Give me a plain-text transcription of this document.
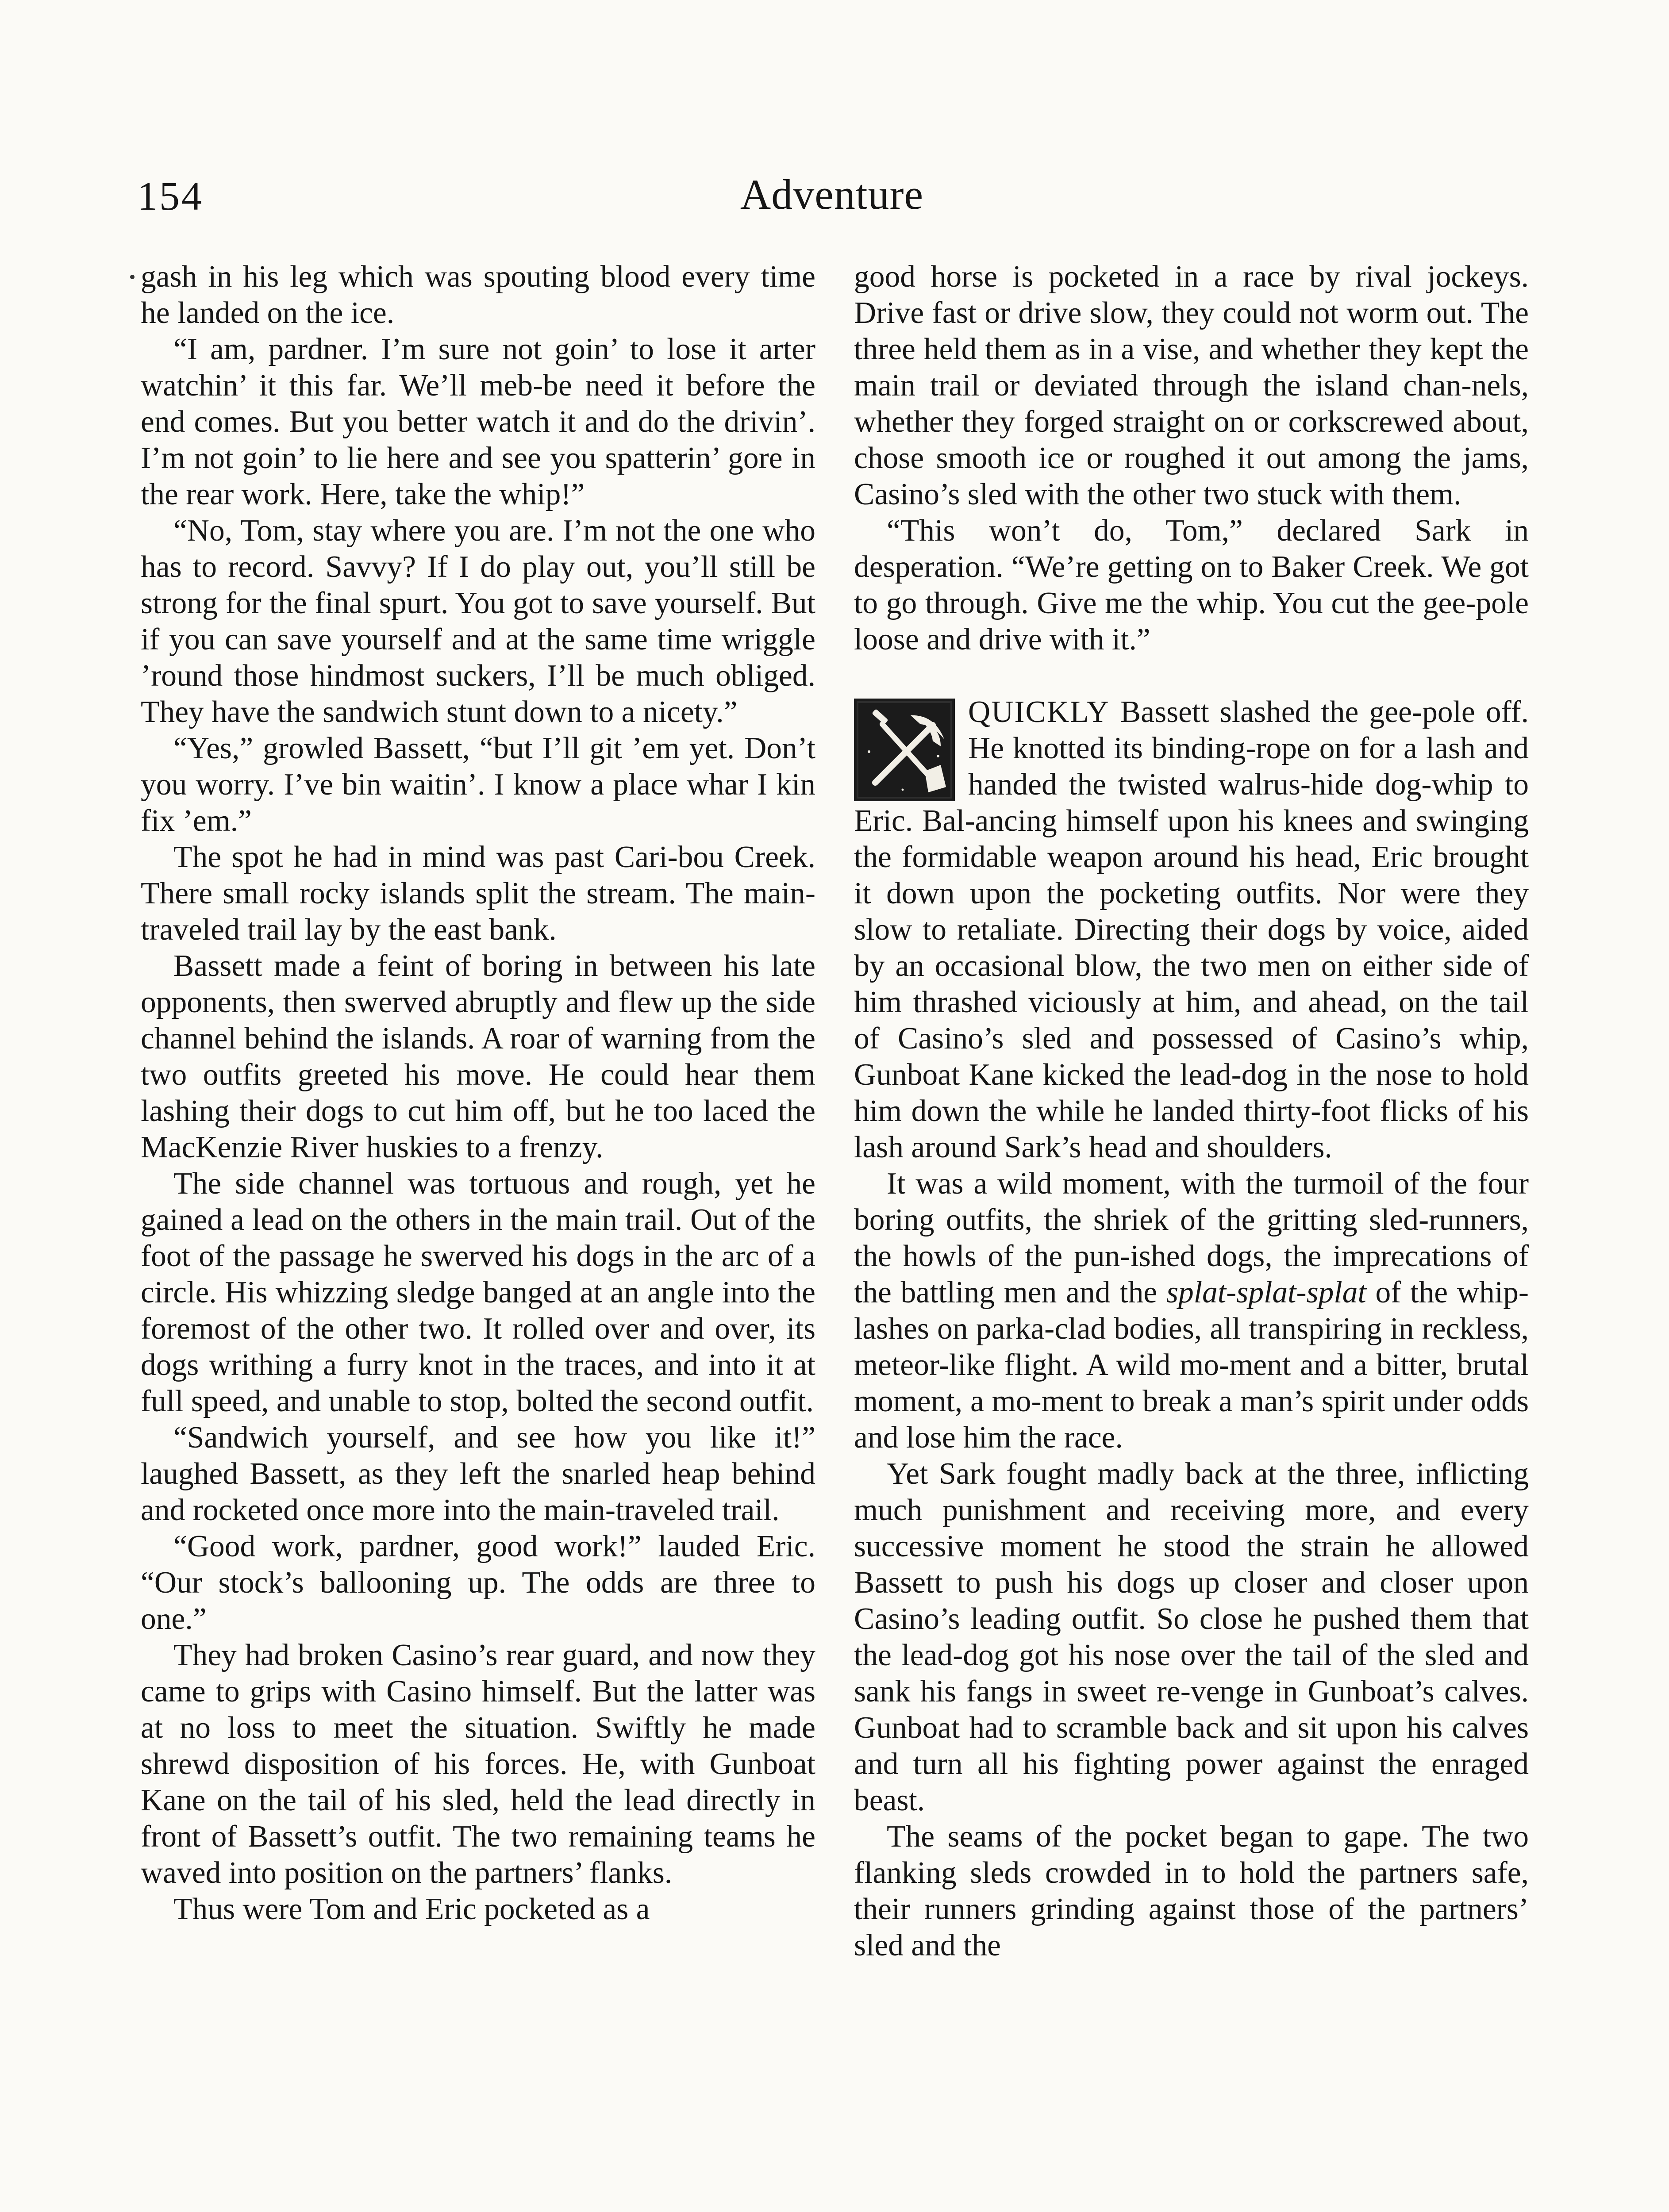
154	Adventure

gash in his leg which was spouting blood every time he landed on the ice.

“I am, pardner. I’m sure not goin’ to lose it arter watchin’ it this far. We’ll meb-be need it before the end comes. But you better watch it and do the drivin’. I’m not goin’ to lie here and see you spatterin’ gore in the rear work. Here, take the whip!”

“No, Tom, stay where you are. I’m not the one who has to record. Savvy? If I do play out, you’ll still be strong for the final spurt. You got to save yourself. But if you can save yourself and at the same time wriggle ’round those hindmost suckers, I’ll be much obliged. They have the sandwich stunt down to a nicety.”

“Yes,” growled Bassett, “but I’ll git ’em yet. Don’t you worry. I’ve bin waitin’. I know a place whar I kin fix ’em.”

The spot he had in mind was past Cari-bou Creek. There small rocky islands split the stream. The main-traveled trail lay by the east bank.

Bassett made a feint of boring in between his late opponents, then swerved abruptly and flew up the side channel behind the islands. A roar of warning from the two outfits greeted his move. He could hear them lashing their dogs to cut him off, but he too laced the MacKenzie River huskies to a frenzy.

The side channel was tortuous and rough, yet he gained a lead on the others in the main trail. Out of the foot of the passage he swerved his dogs in the arc of a circle. His whizzing sledge banged at an angle into the foremost of the other two. It rolled over and over, its dogs writhing a furry knot in the traces, and into it at full speed, and unable to stop, bolted the second outfit.

“Sandwich yourself, and see how you like it!” laughed Bassett, as they left the snarled heap behind and rocketed once more into the main-traveled trail.

“Good work, pardner, good work!” lauded Eric. “Our stock’s ballooning up. The odds are three to one.”

They had broken Casino’s rear guard, and now they came to grips with Casino himself. But the latter was at no loss to meet the situation. Swiftly he made shrewd disposition of his forces. He, with Gunboat Kane on the tail of his sled, held the lead directly in front of Bassett’s outfit. The two remaining teams he waved into position on the partners’ flanks.

Thus were Tom and Eric pocketed as a

good horse is pocketed in a race by rival jockeys. Drive fast or drive slow, they could not worm out. The three held them as in a vise, and whether they kept the main trail or deviated through the island chan-nels, whether they forged straight on or corkscrewed about, chose smooth ice or roughed it out among the jams, Casino’s sled with the other two stuck with them.

“This won’t do, Tom,” declared Sark in desperation. “We’re getting on to Baker Creek. We got to go through. Give me the whip. You cut the gee-pole loose and drive with it.”

QUICKLY Bassett slashed the gee-pole off. He knotted its binding-rope on for a lash and handed the twisted walrus-hide dog-whip to Eric. Bal-ancing himself upon his knees and swinging the formidable weapon around his head, Eric brought it down upon the pocketing outfits. Nor were they slow to retaliate. Directing their dogs by voice, aided by an occasional blow, the two men on either side of him thrashed viciously at him, and ahead, on the tail of Casino’s sled and possessed of Casino’s whip, Gunboat Kane kicked the lead-dog in the nose to hold him down the while he landed thirty-foot flicks of his lash around Sark’s head and shoulders.

It was a wild moment, with the turmoil of the four boring outfits, the shriek of the gritting sled-runners, the howls of the pun-ished dogs, the imprecations of the battling men and the splat-splat-splat of the whip-lashes on parka-clad bodies, all transpiring in reckless, meteor-like flight. A wild mo-ment and a bitter, brutal moment, a mo-ment to break a man’s spirit under odds and lose him the race.

Yet Sark fought madly back at the three, inflicting much punishment and receiving more, and every successive moment he stood the strain he allowed Bassett to push his dogs up closer and closer upon Casino’s leading outfit. So close he pushed them that the lead-dog got his nose over the tail of the sled and sank his fangs in sweet re-venge in Gunboat’s calves. Gunboat had to scramble back and sit upon his calves and turn all his fighting power against the enraged beast.

The seams of the pocket began to gape. The two flanking sleds crowded in to hold the partners safe, their runners grinding against those of the partners’ sled and the
